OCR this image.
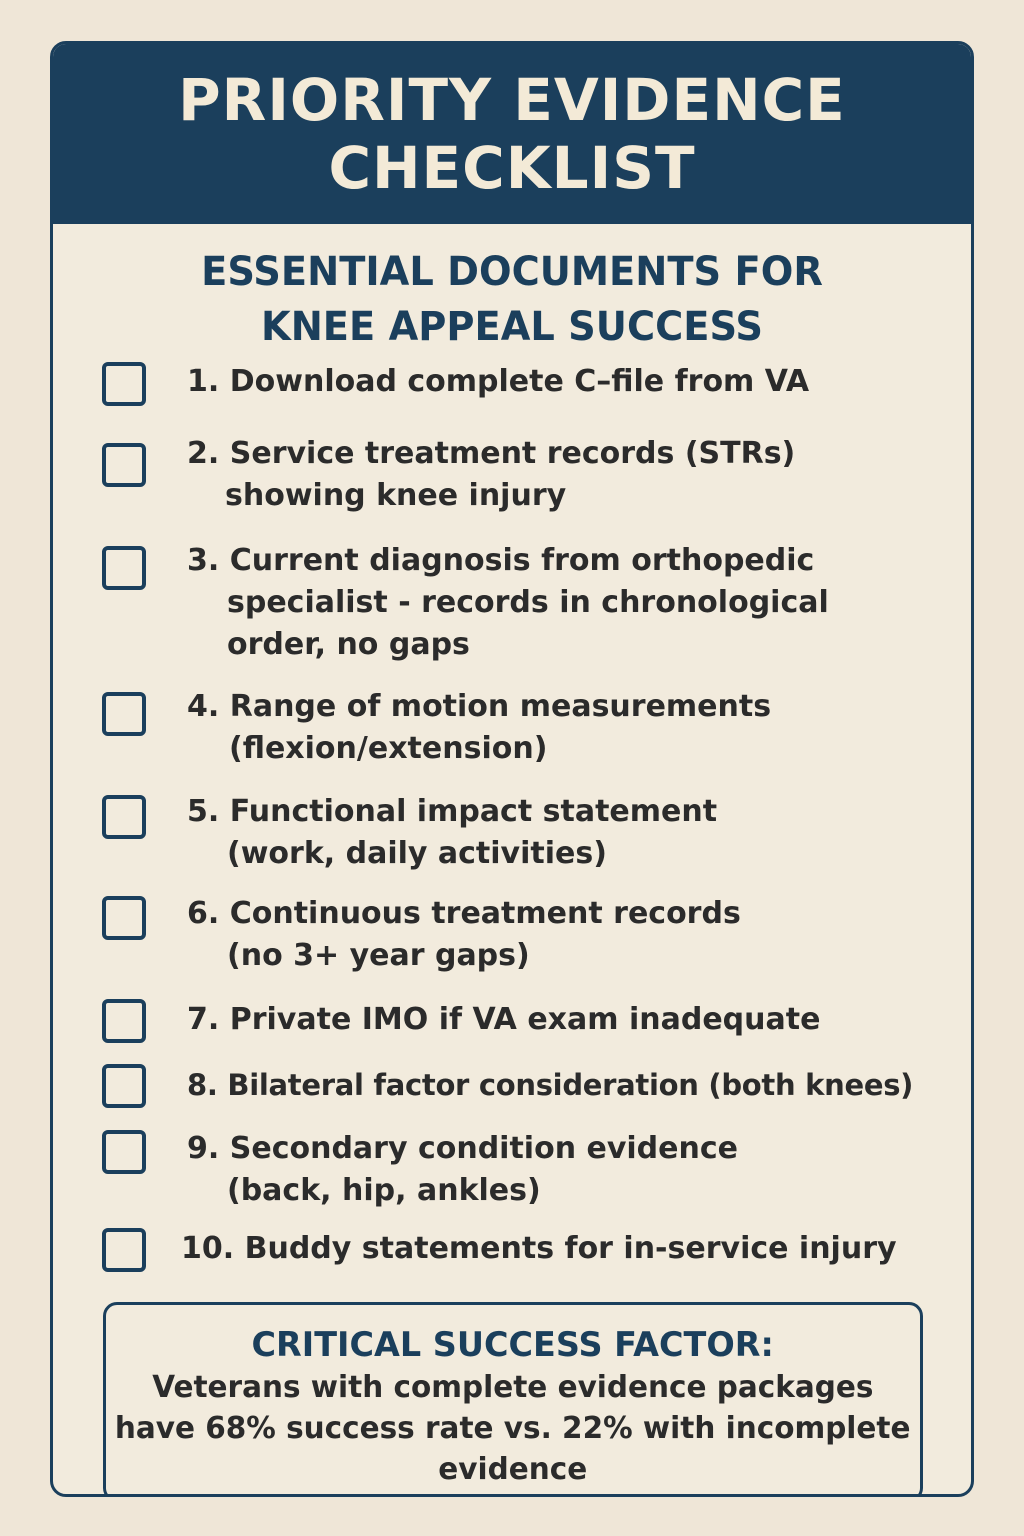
PRIORITY EVIDENCE
CHECKLIST
ESSENTIAL DOCUMENTS FOR
KNEE APPEAL SUCCESS
1. Download complete C–file from VA
2. Service treatment records (STRs)
showing knee injury
3. Current diagnosis from orthopedic
specialist - records in chronological
order, no gaps
4. Range of motion measurements
(flexion/extension)
5. Functional impact statement
(work, daily activities)
6. Continuous treatment records
(no 3+ year gaps)
7. Private IMO if VA exam inadequate
8. Bilateral factor consideration (both knees)
9. Secondary condition evidence
(back, hip, ankles)
10. Buddy statements for in-service injury
CRITICAL SUCCESS FACTOR:
Veterans with complete evidence packages have 68% success rate vs. 22% with incomplete evidence
